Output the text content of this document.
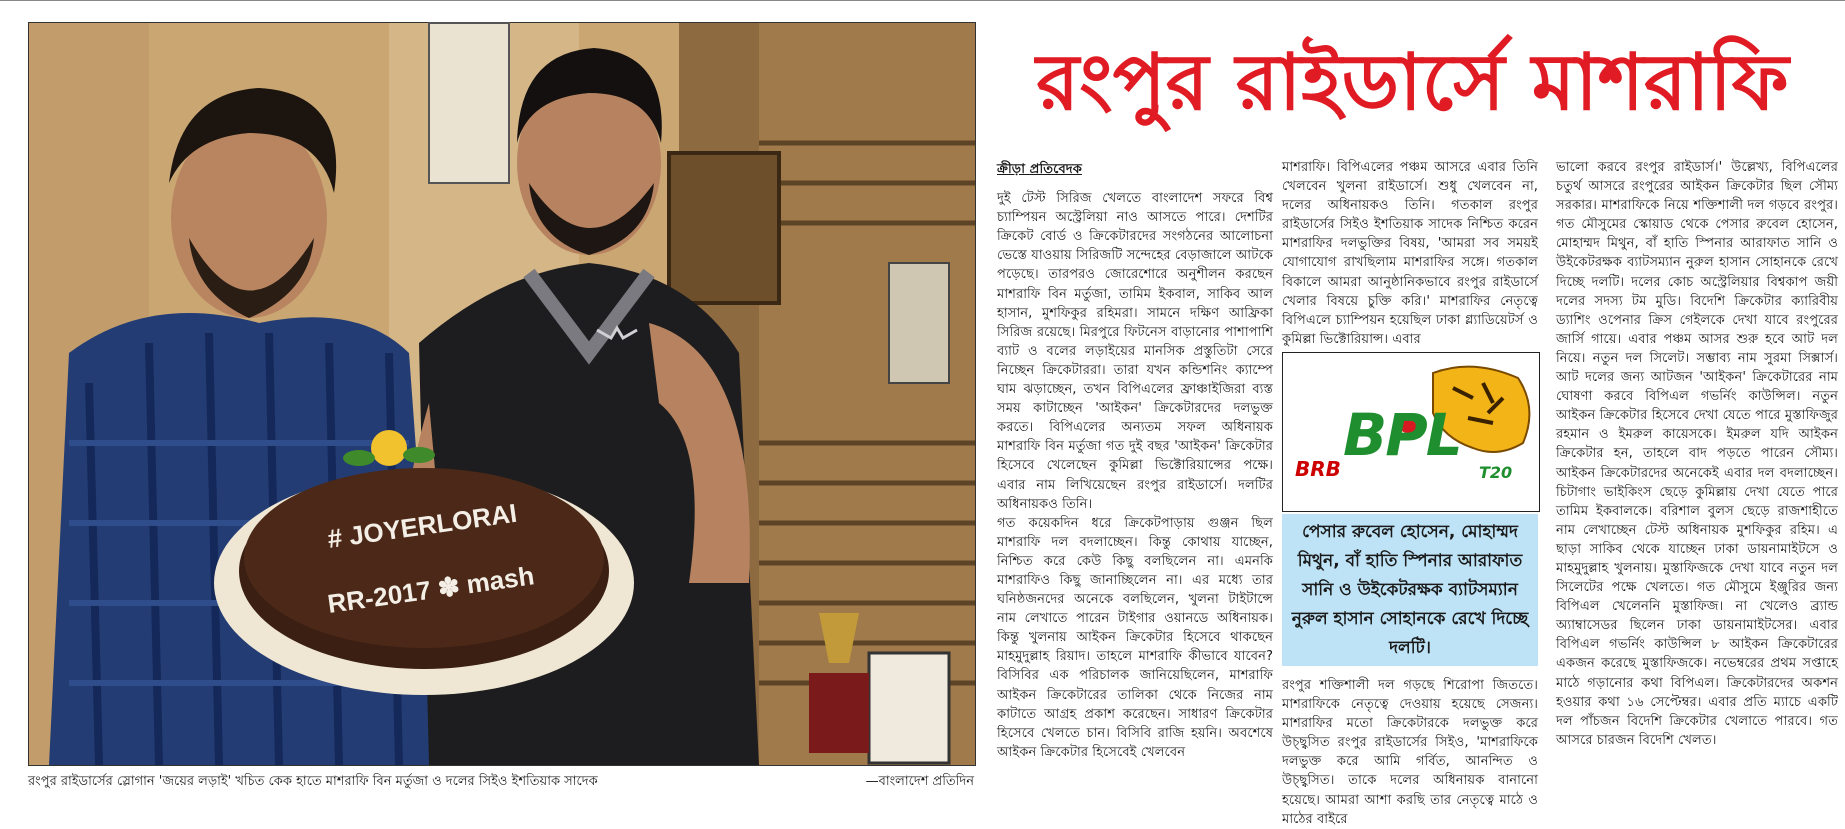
# JOYERLORAI
RR-2017 ✽ mash
রংপুর রাইডার্সের স্লোগান 'জয়ের লড়াই' খচিত কেক হাতে মাশরাফি বিন মর্তুজা ও দলের সিইও ইশতিয়াক সাদেক	—বাংলাদেশ প্রতিদিন
রংপুর রাইডার্সে মাশরাফি

ক্রীড়া প্রতিবেদক

দুই টেস্ট সিরিজ খেলতে বাংলাদেশ সফরে বিশ্ব চ্যাম্পিয়ন অস্ট্রেলিয়া নাও আসতে পারে। দেশটির ক্রিকেট বোর্ড ও ক্রিকেটারদের সংগঠনের আলোচনা ভেস্তে যাওয়ায় সিরিজটি সন্দেহের বেড়াজালে আটকে পড়েছে। তারপরও জোরেশোরে অনুশীলন করছেন মাশরাফি বিন মর্তুজা, তামিম ইকবাল, সাকিব আল হাসান, মুশফিকুর রহিমরা। সামনে দক্ষিণ আফ্রিকা সিরিজ রয়েছে। মিরপুরে ফিটনেস বাড়ানোর পাশাপাশি ব্যাট ও বলের লড়াইয়ের মানসিক প্রস্তুতিটা সেরে নিচ্ছেন ক্রিকেটাররা। তারা যখন কন্ডিশনিং ক্যাম্পে ঘাম ঝড়াচ্ছেন, তখন বিপিএলের ফ্রাঞ্চাইজিরা ব্যস্ত সময় কাটাচ্ছেন 'আইকন' ক্রিকেটারদের দলভুক্ত করতে। বিপিএলের অন্যতম সফল অধিনায়ক মাশরাফি বিন মর্তুজা গত দুই বছর 'আইকন' ক্রিকেটার হিসেবে খেলেছেন কুমিল্লা ভিক্টোরিয়ান্সের পক্ষে। এবার নাম লিখিয়েছেন রংপুর রাইডার্সে। দলটির অধিনায়কও তিনি।

গত কয়েকদিন ধরে ক্রিকেটপাড়ায় গুঞ্জন ছিল মাশরাফি দল বদলাচ্ছেন। কিন্তু কোথায় যাচ্ছেন, নিশ্চিত করে কেউ কিছু বলছিলেন না। এমনকি মাশরাফিও কিছু জানাচ্ছিলেন না। এর মধ্যে তার ঘনিষ্ঠজনদের অনেকে বলছিলেন, খুলনা টাইটান্সে নাম লেখাতে পারেন টাইগার ওয়ানডে অধিনায়ক। কিন্তু খুলনায় আইকন ক্রিকেটার হিসেবে থাকছেন মাহমুদুল্লাহ রিয়াদ। তাহলে মাশরাফি কীভাবে যাবেন? বিসিবির এক পরিচালক জানিয়েছিলেন, মাশরাফি আইকন ক্রিকেটারের তালিকা থেকে নিজের নাম কাটাতে আগ্রহ প্রকাশ করেছেন। সাধারণ ক্রিকেটার হিসেবে খেলতে চান। বিসিবি রাজি হয়নি। অবশেষে আইকন ক্রিকেটার হিসেবেই খেলবেন

মাশরাফি। বিপিএলের পঞ্চম আসরে এবার তিনি খেলবেন খুলনা রাইডার্সে। শুধু খেলবেন না, দলের অধিনায়কও তিনি। গতকাল রংপুর রাইডার্সের সিইও ইশতিয়াক সাদেক নিশ্চিত করেন মাশরাফির দলভুক্তির বিষয়, 'আমরা সব সময়ই যোগাযোগ রাখছিলাম মাশরাফির সঙ্গে। গতকাল বিকালে আমরা আনুষ্ঠানিকভাবে রংপুর রাইডার্সে খেলার বিষয়ে চুক্তি করি।' মাশরাফির নেতৃত্বে বিপিএলে চ্যাম্পিয়ন হয়েছিল ঢাকা গ্ল্যাডিয়েটর্স ও কুমিল্লা ভিক্টোরিয়ান্স। এবার

BPL
BRB	T20
পেসার রুবেল হোসেন, মোহাম্মদ মিথুন, বাঁ হাতি স্পিনার আরাফাত সানি ও উইকেটরক্ষক ব্যাটসম্যান নুরুল হাসান সোহানকে রেখে দিচ্ছে দলটি।

রংপুর শক্তিশালী দল গড়ছে শিরোপা জিততে। মাশরাফিকে নেতৃত্বে দেওয়ায় হয়েছে সেজন্য। মাশরাফির মতো ক্রিকেটারকে দলভুক্ত করে উচ্ছ্বসিত রংপুর রাইডার্সের সিইও, 'মাশরাফিকে দলভুক্ত করে আমি গর্বিত, আনন্দিত ও উচ্ছ্বসিত। তাকে দলের অধিনায়ক বানানো হয়েছে। আমরা আশা করছি তার নেতৃত্বে মাঠে ও মাঠের বাইরে

ভালো করবে রংপুর রাইডার্স।' উল্লেখ্য, বিপিএলের চতুর্থ আসরে রংপুরের আইকন ক্রিকেটার ছিল সৌম্য সরকার। মাশরাফিকে নিয়ে শক্তিশালী দল গড়বে রংপুর। গত মৌসুমের স্কোয়াড থেকে পেসার রুবেল হোসেন, মোহাম্মদ মিথুন, বাঁ হাতি স্পিনার আরাফাত সানি ও উইকেটরক্ষক ব্যাটসম্যান নুরুল হাসান সোহানকে রেখে দিচ্ছে দলটি। দলের কোচ অস্ট্রেলিয়ার বিশ্বকাপ জয়ী দলের সদস্য টম মুডি। বিদেশি ক্রিকেটার ক্যারিবীয় ড্যাশিং ওপেনার ক্রিস গেইলকে দেখা যাবে রংপুরের জার্সি গায়ে। এবার পঞ্চম আসর শুরু হবে আট দল নিয়ে। নতুন দল সিলেট। সম্ভাব্য নাম সুরমা সিক্সার্স। আট দলের জন্য আটজন 'আইকন' ক্রিকেটারের নাম ঘোষণা করবে বিপিএল গভর্নিং কাউন্সিল। নতুন আইকন ক্রিকেটার হিসেবে দেখা যেতে পারে মুস্তাফিজুর রহমান ও ইমরুল কায়েসকে। ইমরুল যদি আইকন ক্রিকেটার হন, তাহলে বাদ পড়তে পারেন সৌম্য। আইকন ক্রিকেটারদের অনেকেই এবার দল বদলাচ্ছেন। চিটাগাং ভাইকিংস ছেড়ে কুমিল্লায় দেখা যেতে পারে তামিম ইকবালকে। বরিশাল বুলস ছেড়ে রাজশাহীতে নাম লেখাচ্ছেন টেস্ট অধিনায়ক মুশফিকুর রহিম। এ ছাড়া সাকিব থেকে যাচ্ছেন ঢাকা ডায়নামাইটসে ও মাহমুদুল্লাহ খুলনায়। মুস্তাফিজকে দেখা যাবে নতুন দল সিলেটের পক্ষে খেলতে। গত মৌসুমে ইঞ্জুরির জন্য বিপিএল খেলেননি মুস্তাফিজ। না খেলেও ব্র্যান্ড অ্যাম্বাসেডর ছিলেন ঢাকা ডায়নামাইটসের। এবার বিপিএল গভর্নিং কাউন্সিল ৮ আইকন ক্রিকেটারের একজন করেছে মুস্তাফিজকে। নভেম্বরের প্রথম সপ্তাহে মাঠে গড়ানোর কথা বিপিএল। ক্রিকেটারদের অকশন হওয়ার কথা ১৬ সেপ্টেম্বর। এবার প্রতি ম্যাচে একটি দল পাঁচজন বিদেশি ক্রিকেটার খেলাতে পারবে। গত আসরে চারজন বিদেশি খেলত।
